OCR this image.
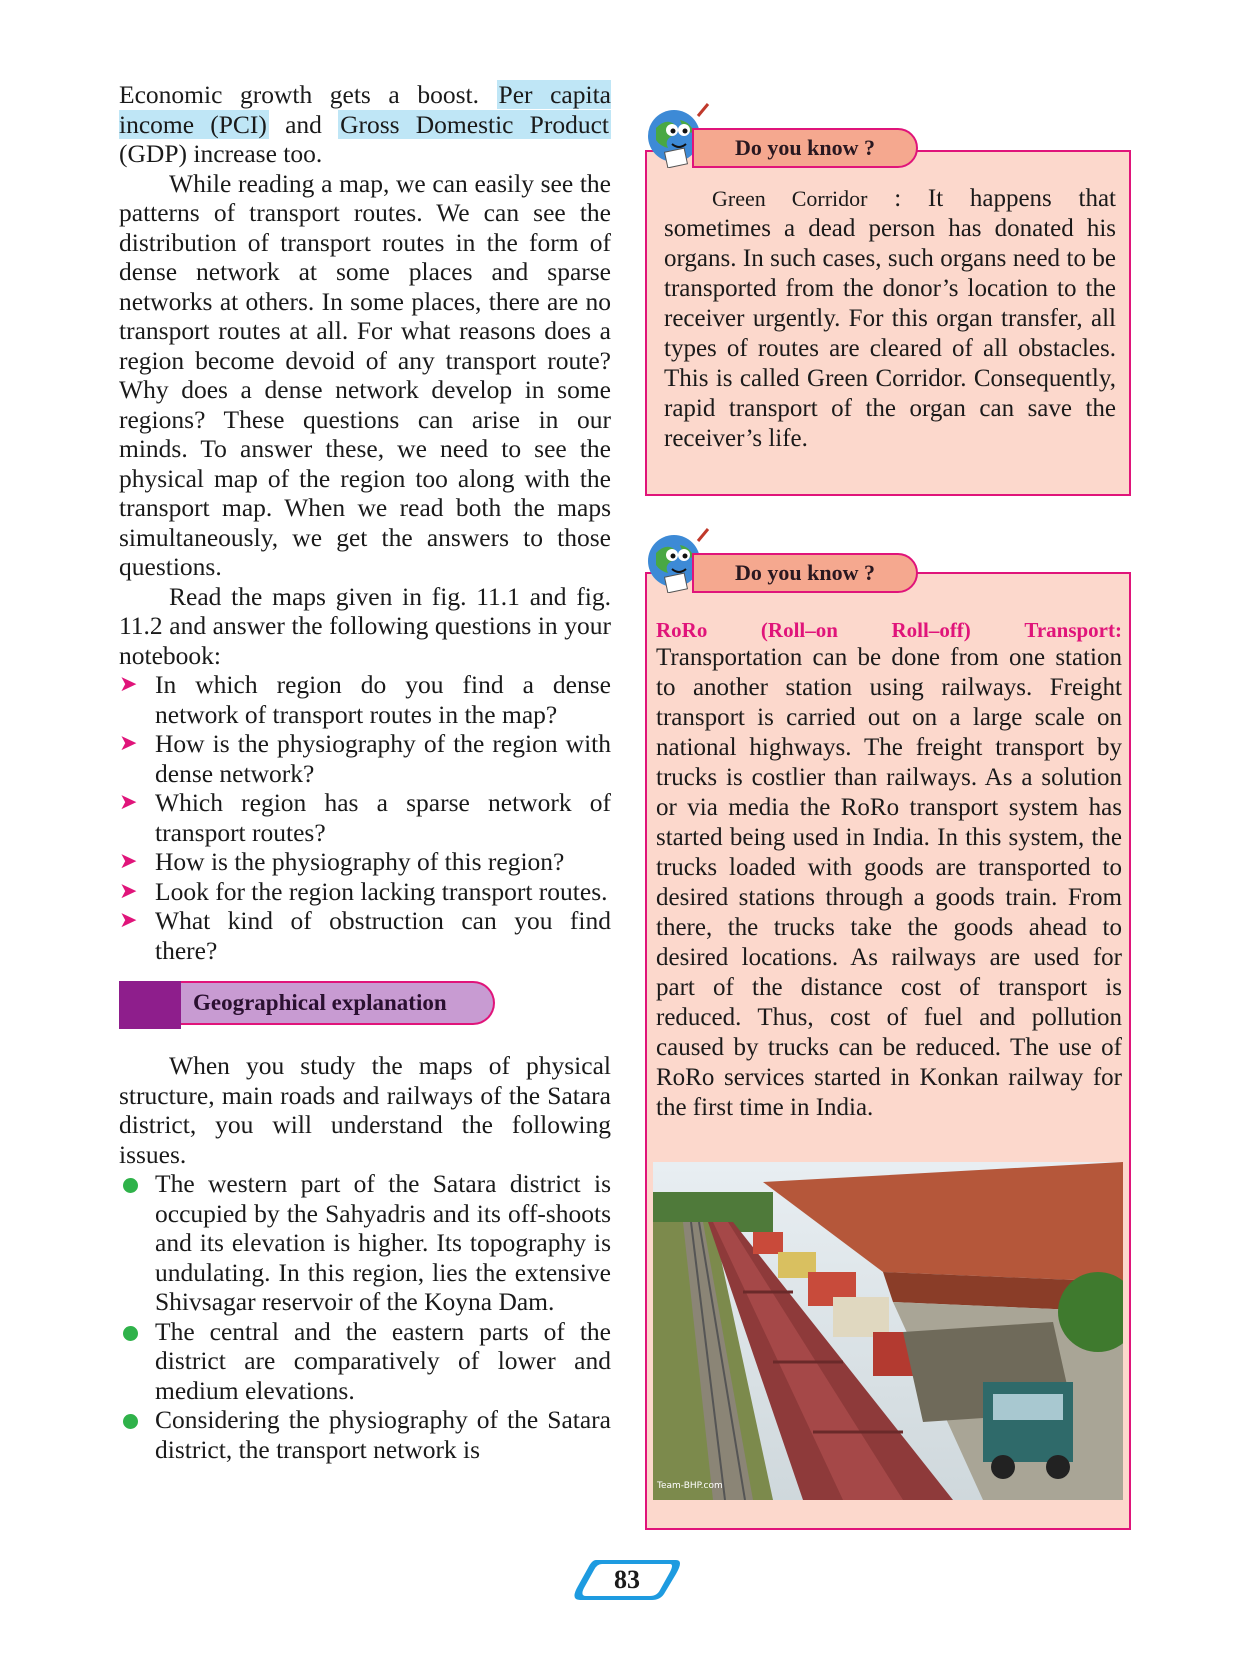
Economic growth gets a boost. Per capita income (PCI) and Gross Domestic Product (GDP) increase too.

While reading a map, we can easily see the patterns of transport routes. We can see the distribution of transport routes in the form of dense network at some places and sparse networks at others. In some places, there are no transport routes at all. For what reasons does a region become devoid of any transport route? Why does a dense network develop in some regions? These questions can arise in our minds. To answer these, we need to see the physical map of the region too along with the transport map. When we read both the maps simultaneously, we get the answers to those questions.

Read the maps given in fig. 11.1 and fig. 11.2 and answer the following questions in your notebook:

➤ In which region do you find a dense network of transport routes in the map?
➤ How is the physiography of the region with dense network?
➤ Which region has a sparse network of transport routes?
➤ How is the physiography of this region?
➤ Look for the region lacking transport routes.
➤ What kind of obstruction can you find there?
Geographical explanation

When you study the maps of physical structure, main roads and railways of the Satara district, you will understand the following issues.

The western part of the Satara district is occupied by the Sahyadris and its off-shoots and its elevation is higher. Its topography is undulating. In this region, lies the extensive Shivsagar reservoir of the Koyna Dam.
The central and the eastern parts of the district are comparatively of lower and medium elevations.
Considering the physiography of the Satara district, the transport network is
Green Corridor : It happens that sometimes a dead person has donated his organs. In such cases, such organs need to be transported from the donor’s location to the receiver urgently. For this organ transfer, all types of routes are cleared of all obstacles. This is called Green Corridor. Consequently, rapid transport of the organ can save the receiver’s life.
Do you know ?
RoRo	(Roll–on	Roll–off)	Transport:
Transportation can be done from one station to another station using railways. Freight transport is carried out on a large scale on national highways. The freight transport by trucks is costlier than railways. As a solution or via media the RoRo transport system has started being used in India. In this system, the trucks loaded with goods are transported to desired stations through a goods train. From there, the trucks take the goods ahead to desired locations. As railways are used for part of the distance cost of transport is reduced. Thus, cost of fuel and pollution caused by trucks can be reduced. The use of RoRo services started in Konkan railway for the first time in India.
Do you know ?
Team-BHP.com
83
